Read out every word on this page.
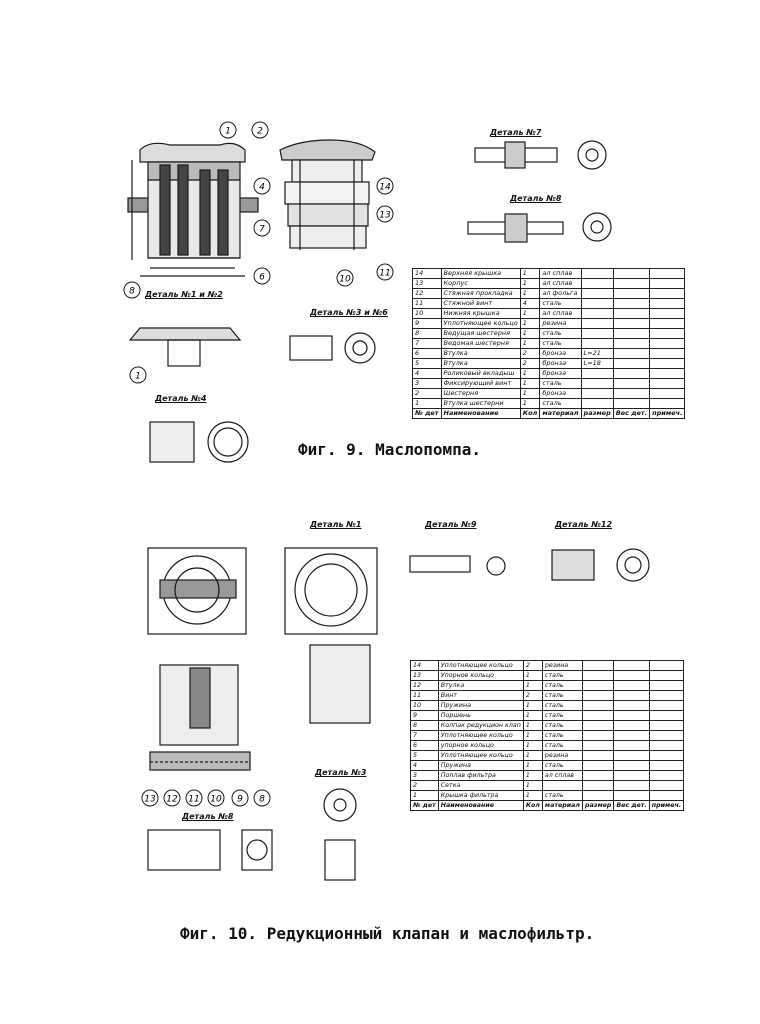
1	2
4
7
6
8
14
13
11
10
1
13 12 11 10 9 8
Деталь №7
Деталь №8
Деталь №1 и №2
Деталь №3 и №6
Деталь №4
Деталь №1	Деталь №9	Деталь №12
Деталь №3
Деталь №8
14	Верхняя крышка	1	ал сплав			
13	Корпус	1	ал сплав			
12	Стяжная прокладка	1	ал фольга			
11	Стяжной винт	4	сталь			
10	Нижняя крышка	1	ал сплав			
9	Уплотняющее кольцо	1	резина			
8	Ведущая шестерня	1	сталь			
7	Ведомая шестерня	1	сталь			
6	Втулка	2	бронза	L=21		
5	Втулка	2	бронза	L=18		
4	Роликовый вкладыш	1	бронза			
3	Фиксирующий винт	1	сталь			
2	Шестерня	1	бронза			
1	Втулка шестерни	1	сталь			
№ дет	Наименование	Кол	материал	размер	Вес дет.	примеч.
14	Уплотняющее кольцо	2	резина			
13	Упорное кольцо	1	сталь			
12	Втулка	1	сталь			
11	Винт	2	сталь			
10	Пружина	1	сталь			
9	Поршень	1	сталь			
8	Колпак редукцион клап	1	сталь			
7	Уплотняющее кольцо	1	сталь			
6	упорное кольцо	1	сталь			
5	Уплотняющее кольцо	1	резина			
4	Пружина	1	сталь			
3	Поплав фильтра	1	ал сплав			
2	Сетка	1				
1	Крышка фильтра	1	сталь			
№ дет	Наименование	Кол	материал	размер	Вес дет.	примеч.
Фиг. 9. Маслопомпа.
Фиг. 10. Редукционный клапан и маслофильтр.
